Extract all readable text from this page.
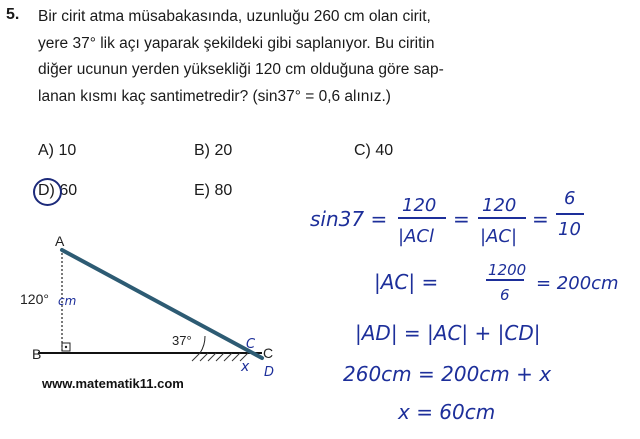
5. Bir cirit atma müsabakasında, uzunluğu 260 cm olan cirit,
yere 37° lik açı yaparak şekildeki gibi saplanıyor. Bu ciritin
diğer ucunun yerden yüksekliği 120 cm olduğuna göre sap-
lanan kısmı kaç santimetredir? (sin37° = 0,6 alınız.)
A) 10	B) 20	C) 40
D) 60	E) 80
A
B	C
120°
37°
cm
C
x D
sin37 =
120
|ACl
=
120
|AC|
=
6
10
|AC| =	1200
6
= 200cm
|AD| = |AC| + |CD|
260cm = 200cm + x
x = 60cm
www.matematik11.com
